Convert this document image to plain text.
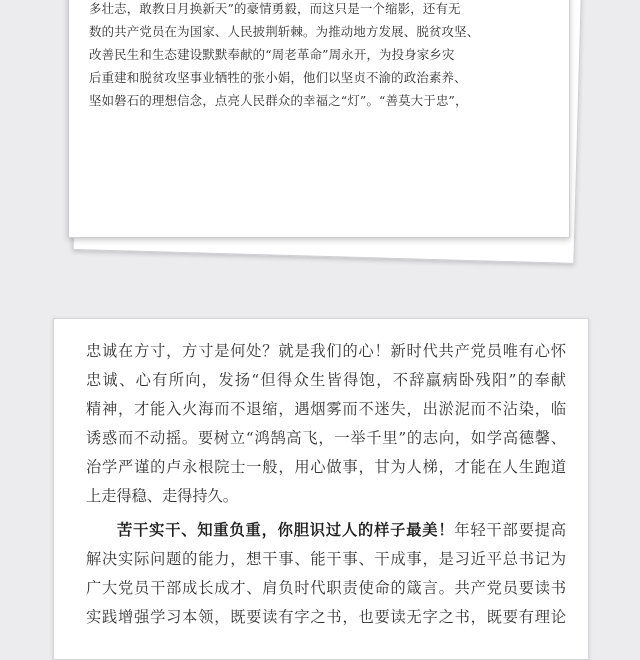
多壮志，敢教日月换新天”的豪情勇毅，而这只是一个缩影，还有无
数的共产党员在为国家、人民披荆斩棘。为推动地方发展、脱贫攻坚、
改善民生和生态建设默默奉献的“周老革命”周永开，为投身家乡灾
后重建和脱贫攻坚事业牺牲的张小娟，他们以坚贞不渝的政治素养、
坚如磐石的理想信念，点亮人民群众的幸福之“灯”。“善莫大于忠”，
忠诚在方寸，方寸是何处？就是我们的心！新时代共产党员唯有心怀
忠诚、心有所向，发扬“但得众生皆得饱，不辞羸病卧残阳”的奉献
精神，才能入火海而不退缩，遇烟雾而不迷失，出淤泥而不沾染，临
诱惑而不动摇。要树立“鸿鹄高飞，一举千里”的志向，如学高德馨、
治学严谨的卢永根院士一般，用心做事，甘为人梯，才能在人生跑道
上走得稳、走得持久。
苦干实干、知重负重，你胆识过人的样子最美！年轻干部要提高
解决实际问题的能力，想干事、能干事、干成事，是习近平总书记为
广大党员干部成长成才、肩负时代职责使命的箴言。共产党员要读书
实践增强学习本领，既要读有字之书，也要读无字之书，既要有理论
